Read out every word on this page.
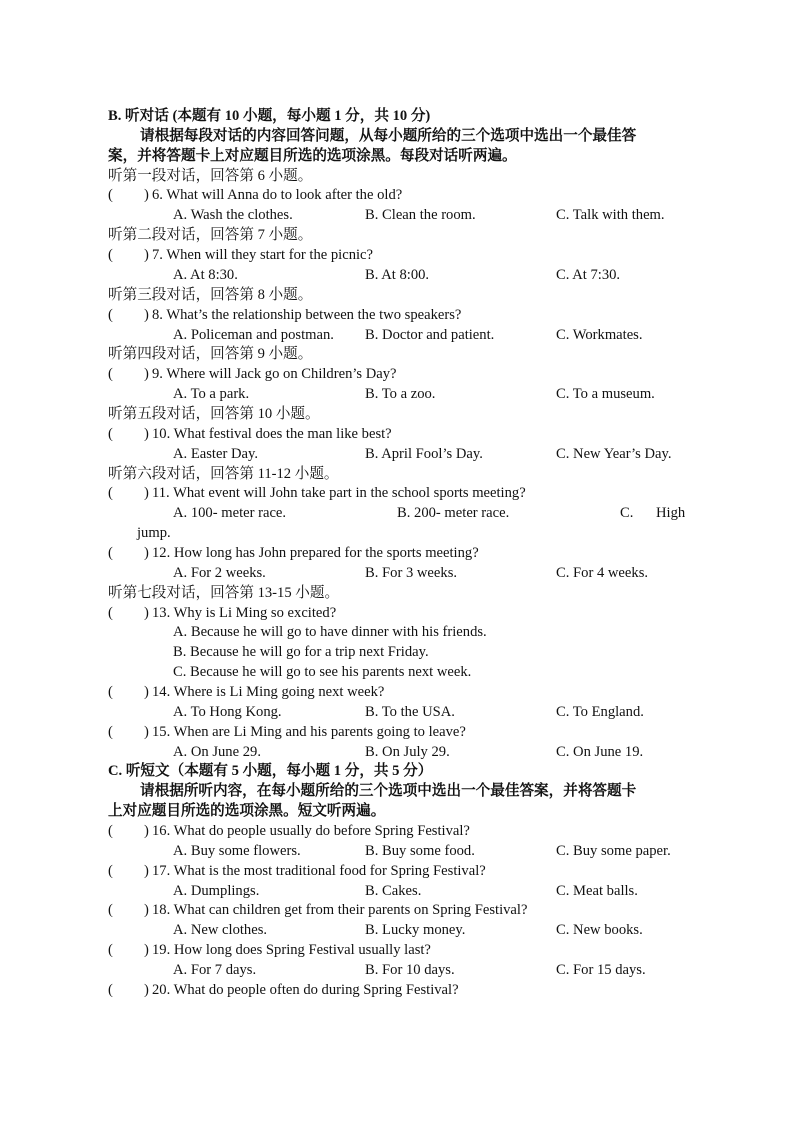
B. 听对话 (本题有 10 小题，每小题 1 分，共 10 分)
请根据每段对话的内容回答问题，从每小题所给的三个选项中选出一个最佳答
案，并将答题卡上对应题目所选的选项涂黑。每段对话听两遍。
听第一段对话，回答第 6 小题。
( ) 6. What will Anna do to look after the old?
A. Wash the clothes.	B. Clean the room.	C. Talk with them.
听第二段对话，回答第 7 小题。
( ) 7. When will they start for the picnic?
A. At 8:30.	B. At 8:00.	C. At 7:30.
听第三段对话，回答第 8 小题。
( ) 8. What’s the relationship between the two speakers?
A. Policeman and postman. B. Doctor and patient.	C. Workmates.
听第四段对话，回答第 9 小题。
( ) 9. Where will Jack go on Children’s Day?
A. To a park.	B. To a zoo.	C. To a museum.
听第五段对话，回答第 10 小题。
( ) 10. What festival does the man like best?
A. Easter Day.	B. April Fool’s Day.	C. New Year’s Day.
听第六段对话，回答第 11-12 小题。
( ) 11. What event will John take part in the school sports meeting?
A. 100- meter race.	B. 200- meter race.	C. High
jump.
( ) 12. How long has John prepared for the sports meeting?
A. For 2 weeks.	B. For 3 weeks.	C. For 4 weeks.
听第七段对话，回答第 13-15 小题。
( ) 13. Why is Li Ming so excited?
A. Because he will go to have dinner with his friends.
B. Because he will go for a trip next Friday.
C. Because he will go to see his parents next week.
( ) 14. Where is Li Ming going next week?
A. To Hong Kong.	B. To the USA.	C. To England.
( ) 15. When are Li Ming and his parents going to leave?
A. On June 29.	B. On July 29.	C. On June 19.
C. 听短文（本题有 5 小题，每小题 1 分，共 5 分）
请根据所听内容，在每小题所给的三个选项中选出一个最佳答案，并将答题卡
上对应题目所选的选项涂黑。短文听两遍。
( ) 16. What do people usually do before Spring Festival?
A. Buy some flowers.	B. Buy some food.	C. Buy some paper.
( ) 17. What is the most traditional food for Spring Festival?
A. Dumplings.	B. Cakes.	C. Meat balls.
( ) 18. What can children get from their parents on Spring Festival?
A. New clothes.	B. Lucky money.	C. New books.
( ) 19. How long does Spring Festival usually last?
A. For 7 days.	B. For 10 days.	C. For 15 days.
( ) 20. What do people often do during Spring Festival?
